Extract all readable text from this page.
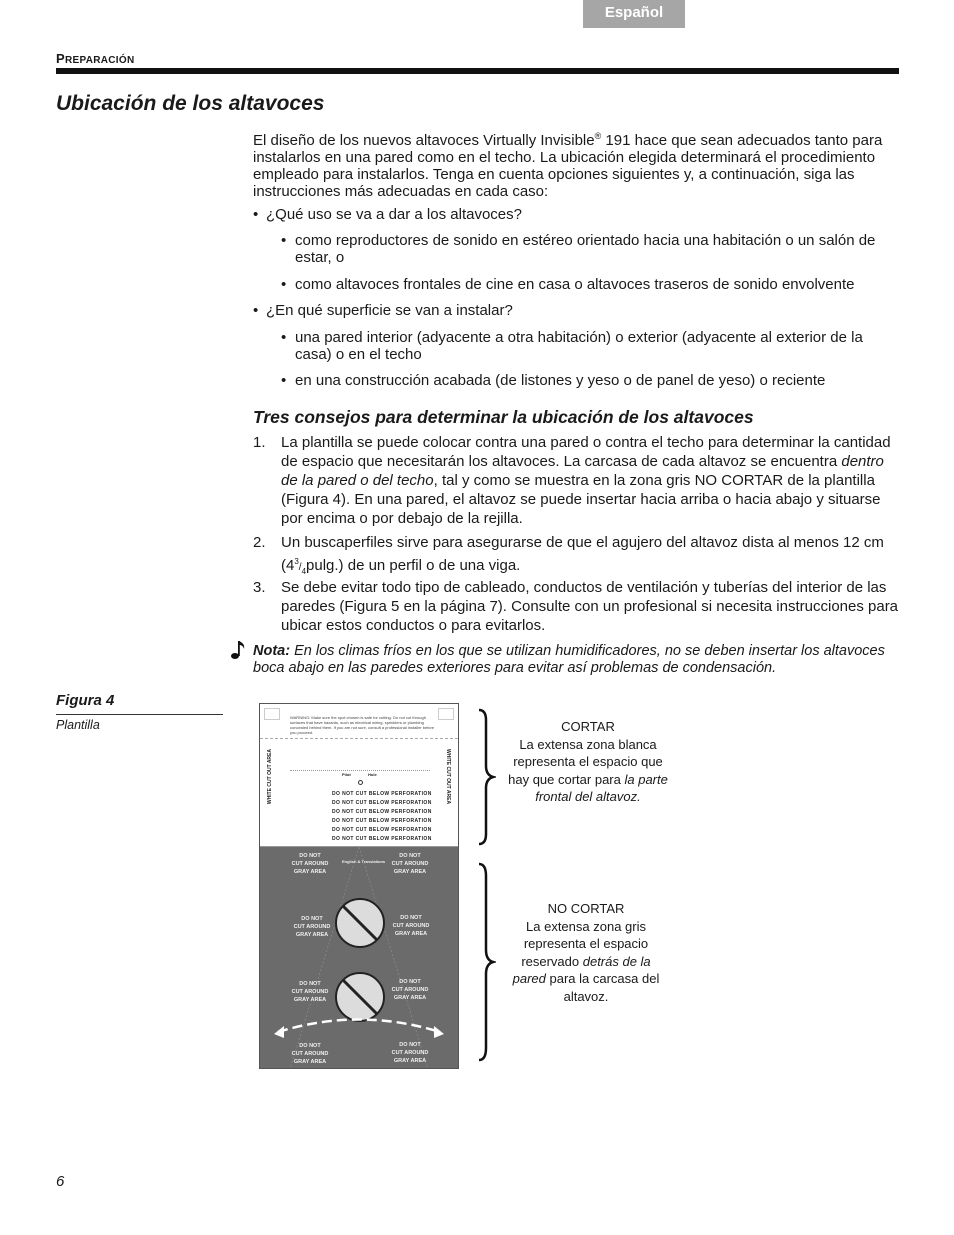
Español
PREPARACIÓN
Ubicación de los altavoces
El diseño de los nuevos altavoces Virtually Invisible® 191 hace que sean adecuados tanto para instalarlos en una pared como en el techo. La ubicación elegida determinará el procedimiento empleado para instalarlos. Tenga en cuenta opciones siguientes y, a continuación, siga las instrucciones más adecuadas en cada caso:
• ¿Qué uso se va a dar a los altavoces?
• como reproductores de sonido en estéreo orientado hacia una habitación o un salón de estar, o
• como altavoces frontales de cine en casa o altavoces traseros de sonido envolvente
• ¿En qué superficie se van a instalar?
• una pared interior (adyacente a otra habitación) o exterior (adyacente al exterior de la casa) o en el techo
• en una construcción acabada (de listones y yeso o de panel de yeso) o reciente
Tres consejos para determinar la ubicación de los altavoces
1. La plantilla se puede colocar contra una pared o contra el techo para determinar la cantidad de espacio que necesitarán los altavoces. La carcasa de cada altavoz se encuentra dentro de la pared o del techo, tal y como se muestra en la zona gris NO CORTAR de la plantilla (Figura 4). En una pared, el altavoz se puede insertar hacia arriba o hacia abajo y situarse por encima o por debajo de la rejilla.
2. Un buscaperfiles sirve para asegurarse de que el agujero del altavoz dista al menos 12 cm $(4^3/_4pulg.)$ de un perfil o de una viga.
3. Se debe evitar todo tipo de cableado, conductos de ventilación y tuberías del interior de las paredes (Figura 5 en la página 7). Consulte con un profesional si necesita instrucciones para ubicar estos conductos o para evitarlos.
Nota: En los climas fríos en los que se utilizan humidificadores, no se deben insertar los altavoces boca abajo en las paredes exteriores para evitar así problemas de condensación.
Figura 4
Plantilla
WARNING: Make sure the spot chosen is safe for cutting. Do not cut through surfaces that have hazards, such as electrical wiring, sprinklers or plumbing concealed behind them. If you are not sure, consult a professional installer before you proceed.
Pilot	Hole
WHITE CUT OUT AREA	WHITE CUT OUT AREA
DO NOT CUT BELOW PERFORATION
DO NOT CUT BELOW PERFORATION
DO NOT CUT BELOW PERFORATION
DO NOT CUT BELOW PERFORATION
DO NOT CUT BELOW PERFORATION
DO NOT CUT BELOW PERFORATION
DO NOT
CUT AROUND
GRAY AREA
DO NOT
CUT AROUND
GRAY AREA
English & Translations
DO NOT
CUT AROUND
GRAY AREA
DO NOT
CUT AROUND
GRAY AREA
DO NOT
CUT AROUND
GRAY AREA
DO NOT
CUT AROUND
GRAY AREA
DO NOT
CUT AROUND
GRAY AREA
DO NOT
CUT AROUND
GRAY AREA
CORTAR
La extensa zona blanca
representa el espacio que
hay que cortar para la parte
frontal del altavoz.
NO CORTAR
La extensa zona gris
representa el espacio
reservado detrás de la
pared para la carcasa del
altavoz.
6
